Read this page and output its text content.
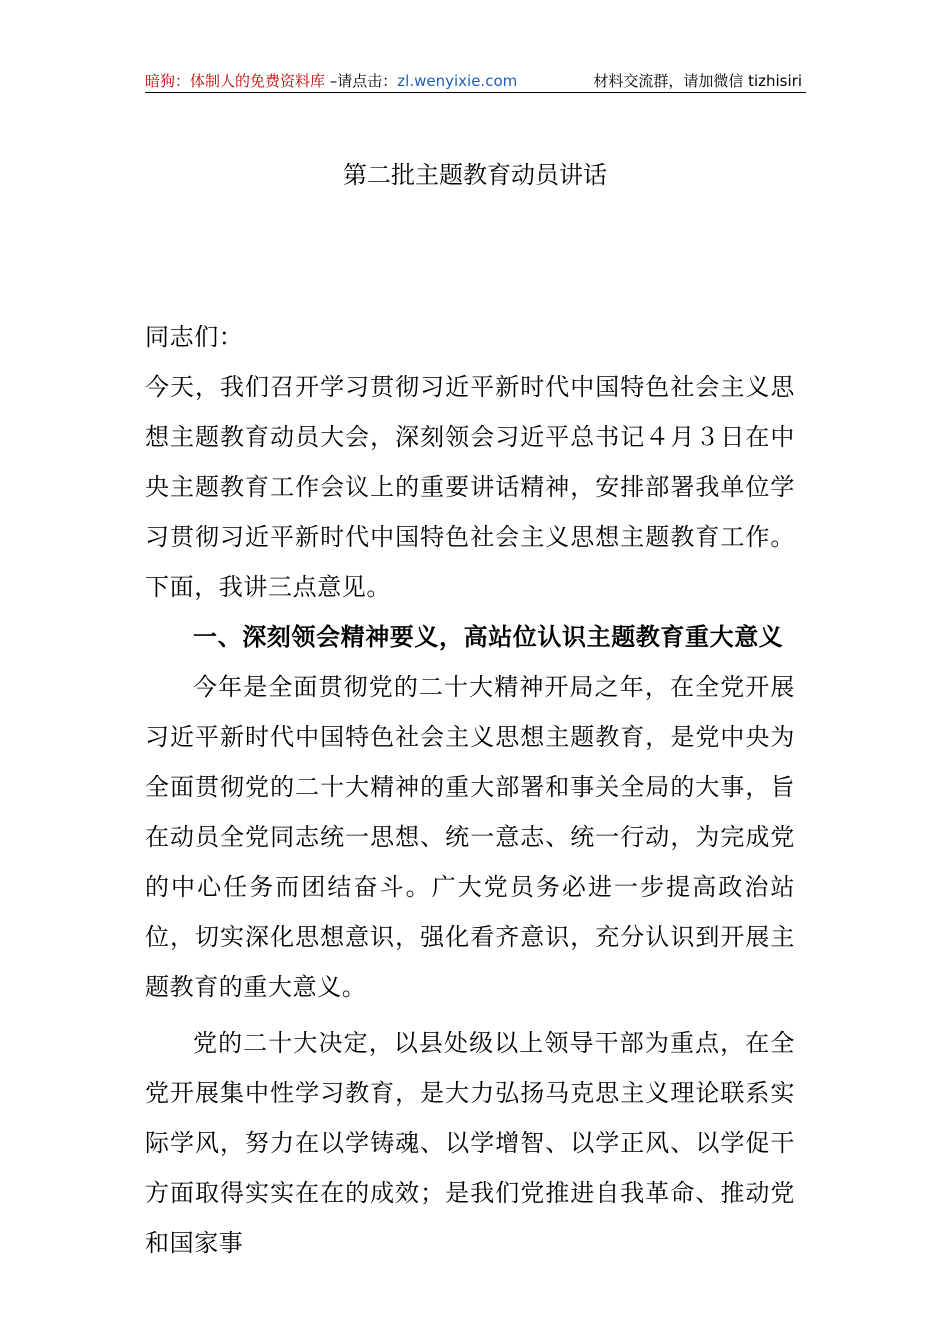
暗狗：体制人的免费资料库 –请点击：zl.wenyixie.com	材料交流群，请加微信 tizhisiri
第二批主题教育动员讲话

同志们：

今天，我们召开学习贯彻习近平新时代中国特色社会主义思想主题教育动员大会，深刻领会习近平总书记４月３日在中央主题教育工作会议上的重要讲话精神，安排部署我单位学习贯彻习近平新时代中国特色社会主义思想主题教育工作。下面，我讲三点意见。

一、深刻领会精神要义，高站位认识主题教育重大意义

今年是全面贯彻党的二十大精神开局之年，在全党开展习近平新时代中国特色社会主义思想主题教育，是党中央为全面贯彻党的二十大精神的重大部署和事关全局的大事，旨在动员全党同志统一思想、统一意志、统一行动，为完成党的中心任务而团结奋斗。广大党员务必进一步提高政治站位，切实深化思想意识，强化看齐意识，充分认识到开展主题教育的重大意义。

党的二十大决定，以县处级以上领导干部为重点，在全党开展集中性学习教育，是大力弘扬马克思主义理论联系实际学风，努力在以学铸魂、以学增智、以学正风、以学促干方面取得实实在在的成效；是我们党推进自我革命、推动党和国家事
